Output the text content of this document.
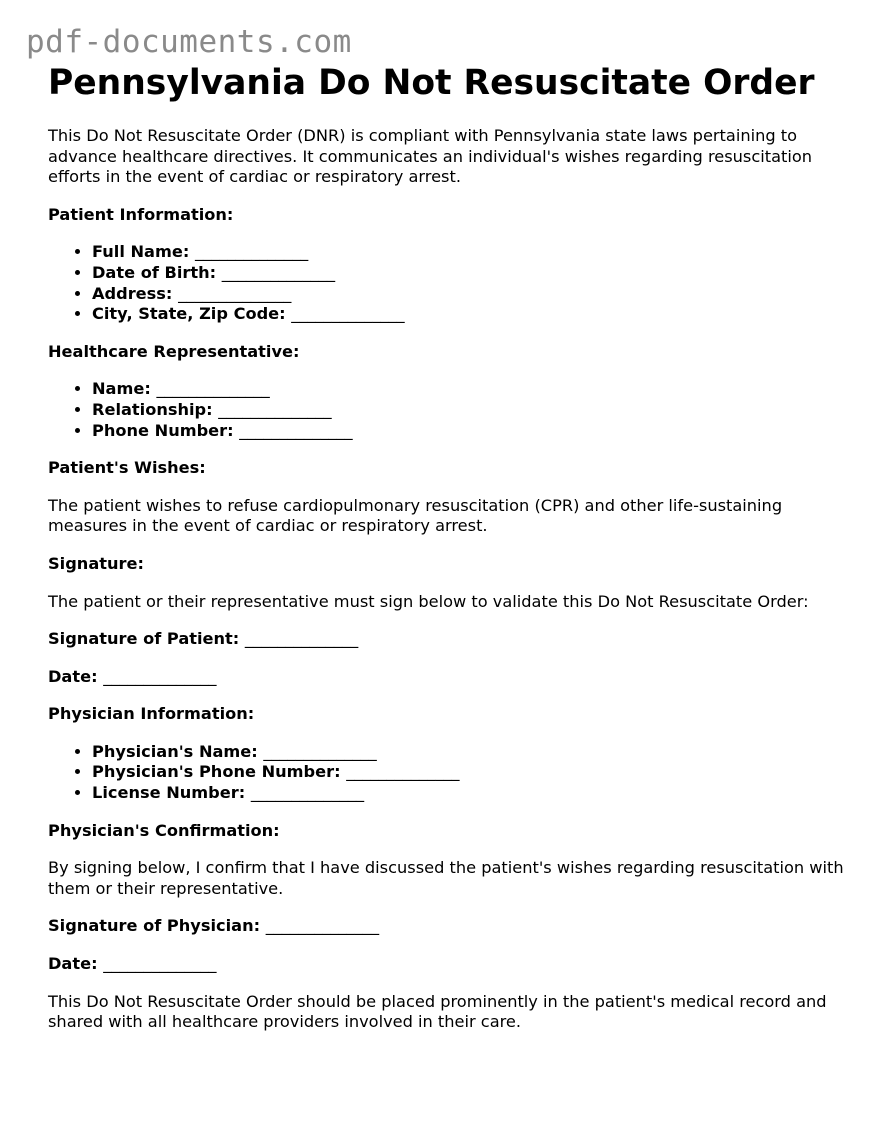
pdf-documents.com
Pennsylvania Do Not Resuscitate Order

This Do Not Resuscitate Order (DNR) is compliant with Pennsylvania state laws pertaining to advance healthcare directives. It communicates an individual's wishes regarding resuscitation efforts in the event of cardiac or respiratory arrest.

Patient Information:

• Full Name: ______________
• Date of Birth: ______________
• Address: ______________
• City, State, Zip Code: ______________

Healthcare Representative:

• Name: ______________
• Relationship: ______________
• Phone Number: ______________

Patient's Wishes:

The patient wishes to refuse cardiopulmonary resuscitation (CPR) and other life-sustaining measures in the event of cardiac or respiratory arrest.

Signature:

The patient or their representative must sign below to validate this Do Not Resuscitate Order:

Signature of Patient: ______________

Date: ______________

Physician Information:

• Physician's Name: ______________
• Physician's Phone Number: ______________
• License Number: ______________

Physician's Confirmation:

By signing below, I confirm that I have discussed the patient's wishes regarding resuscitation with them or their representative.

Signature of Physician: ______________

Date: ______________

This Do Not Resuscitate Order should be placed prominently in the patient's medical record and shared with all healthcare providers involved in their care.
